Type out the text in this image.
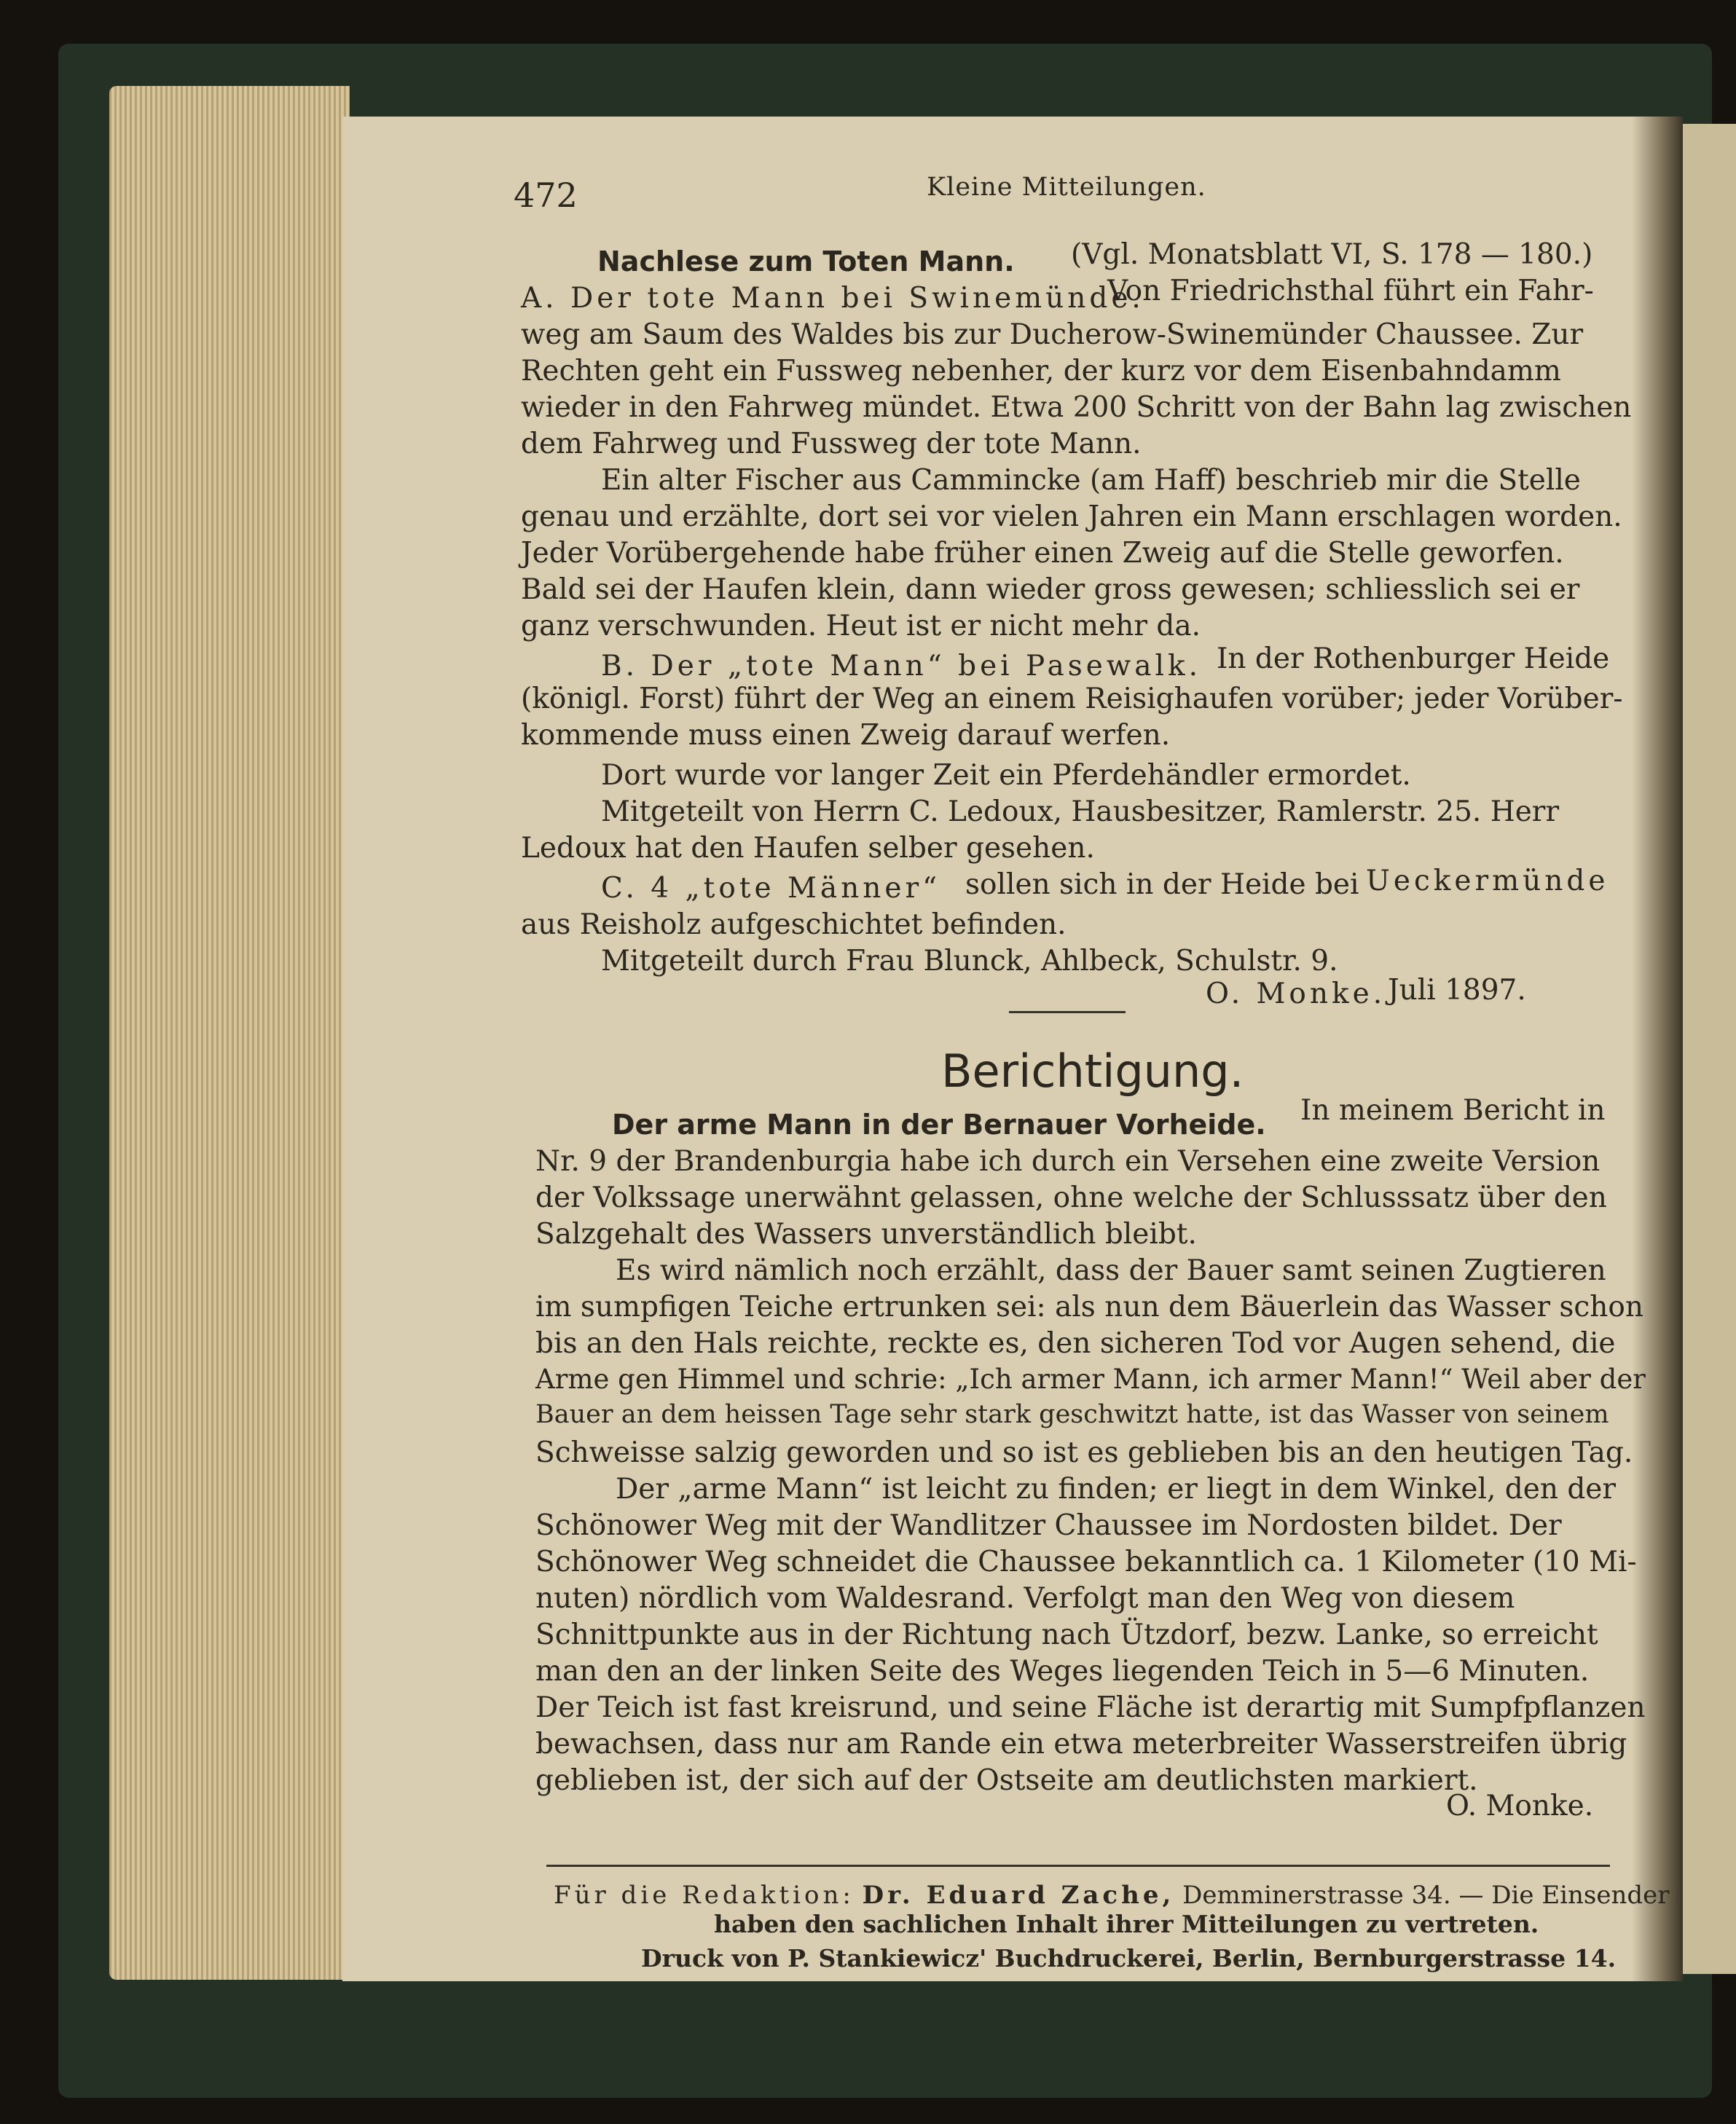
472	Kleine Mitteilungen.
Nachlese zum Toten Mann. (Vgl. Monatsblatt VI, S. 178 — 180.)
A. Der tote Mann bei Swinemünde.
Von Friedrichsthal führt ein Fahr-
weg am Saum des Waldes bis zur Ducherow-Swinemünder Chaussee. Zur
Rechten geht ein Fussweg nebenher, der kurz vor dem Eisenbahndamm
wieder in den Fahrweg mündet. Etwa 200 Schritt von der Bahn lag zwischen
dem Fahrweg und Fussweg der tote Mann.
Ein alter Fischer aus Cammincke (am Haff) beschrieb mir die Stelle
genau und erzählte, dort sei vor vielen Jahren ein Mann erschlagen worden.
Jeder Vorübergehende habe früher einen Zweig auf die Stelle geworfen.
Bald sei der Haufen klein, dann wieder gross gewesen; schliesslich sei er
ganz verschwunden. Heut ist er nicht mehr da.
B. Der „tote Mann“ bei Pasewalk. In der Rothenburger Heide
(königl. Forst) führt der Weg an einem Reisighaufen vorüber; jeder Vorüber-
kommende muss einen Zweig darauf werfen.
Dort wurde vor langer Zeit ein Pferdehändler ermordet.
Mitgeteilt von Herrn C. Ledoux, Hausbesitzer, Ramlerstr. 25. Herr
Ledoux hat den Haufen selber gesehen.
C. 4 „tote Männer“ sollen sich in der Heide bei Ueckermünde
aus Reisholz aufgeschichtet befinden.
Mitgeteilt durch Frau Blunck, Ahlbeck, Schulstr. 9.
O. Monke. Juli 1897.
Berichtigung.
Der arme Mann in der Bernauer Vorheide. In meinem Bericht in
Nr. 9 der Brandenburgia habe ich durch ein Versehen eine zweite Version
der Volkssage unerwähnt gelassen, ohne welche der Schlusssatz über den
Salzgehalt des Wassers unverständlich bleibt.
Es wird nämlich noch erzählt, dass der Bauer samt seinen Zugtieren
im sumpfigen Teiche ertrunken sei: als nun dem Bäuerlein das Wasser schon
bis an den Hals reichte, reckte es, den sicheren Tod vor Augen sehend, die
Arme gen Himmel und schrie: „Ich armer Mann, ich armer Mann!“ Weil aber der
Bauer an dem heissen Tage sehr stark geschwitzt hatte, ist das Wasser von seinem
Schweisse salzig geworden und so ist es geblieben bis an den heutigen Tag.
Der „arme Mann“ ist leicht zu finden; er liegt in dem Winkel, den der
Schönower Weg mit der Wandlitzer Chaussee im Nordosten bildet. Der
Schönower Weg schneidet die Chaussee bekanntlich ca. 1 Kilometer (10 Mi-
nuten) nördlich vom Waldesrand. Verfolgt man den Weg von diesem
Schnittpunkte aus in der Richtung nach Ützdorf, bezw. Lanke, so erreicht
man den an der linken Seite des Weges liegenden Teich in 5—6 Minuten.
Der Teich ist fast kreisrund, und seine Fläche ist derartig mit Sumpfpflanzen
bewachsen, dass nur am Rande ein etwa meterbreiter Wasserstreifen übrig
geblieben ist, der sich auf der Ostseite am deutlichsten markiert.
O. Monke.
Für die Redaktion: Dr. Eduard Zache, Demminerstrasse 34. — Die Einsender
haben den sachlichen Inhalt ihrer Mitteilungen zu vertreten.
Druck von P. Stankiewicz' Buchdruckerei, Berlin, Bernburgerstrasse 14.
